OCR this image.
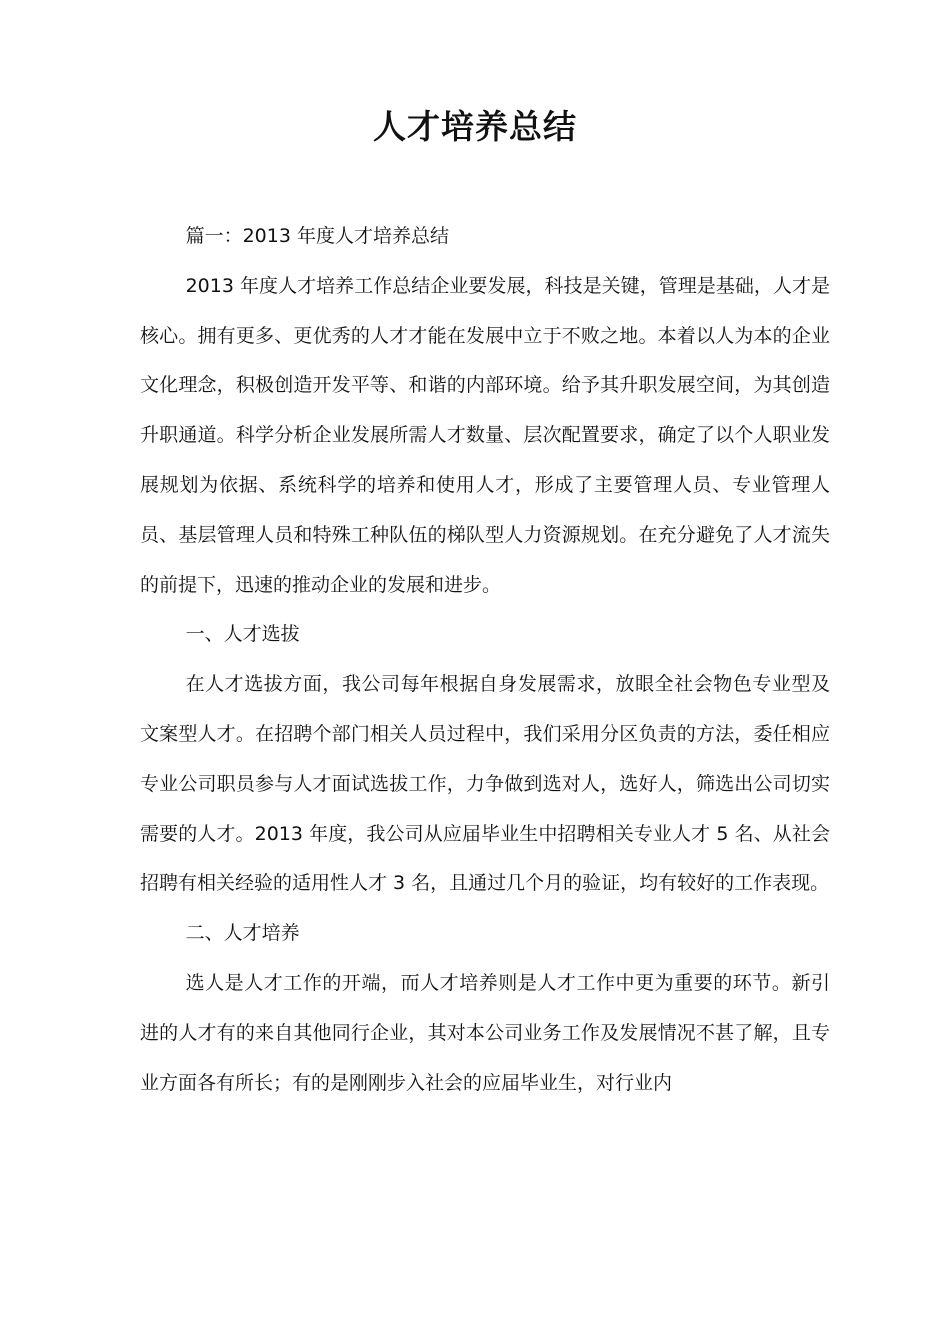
人才培养总结

篇一：2013 年度人才培养总结

2013 年度人才培养工作总结企业要发展，科技是关键，管理是基础，人才是核心。拥有更多、更优秀的人才才能在发展中立于不败之地。本着以人为本的企业文化理念，积极创造开发平等、和谐的内部环境。给予其升职发展空间，为其创造升职通道。科学分析企业发展所需人才数量、层次配置要求，确定了以个人职业发展规划为依据、系统科学的培养和使用人才，形成了主要管理人员、专业管理人员、基层管理人员和特殊工种队伍的梯队型人力资源规划。在充分避免了人才流失的前提下，迅速的推动企业的发展和进步。

一、人才选拔

在人才选拔方面，我公司每年根据自身发展需求，放眼全社会物色专业型及文案型人才。在招聘个部门相关人员过程中，我们采用分区负责的方法，委任相应专业公司职员参与人才面试选拔工作，力争做到选对人，选好人，筛选出公司切实需要的人才。2013 年度，我公司从应届毕业生中招聘相关专业人才 5 名、从社会招聘有相关经验的适用性人才 3 名，且通过几个月的验证，均有较好的工作表现。

二、人才培养

选人是人才工作的开端，而人才培养则是人才工作中更为重要的环节。新引进的人才有的来自其他同行企业，其对本公司业务工作及发展情况不甚了解，且专业方面各有所长；有的是刚刚步入社会的应届毕业生，对行业内
